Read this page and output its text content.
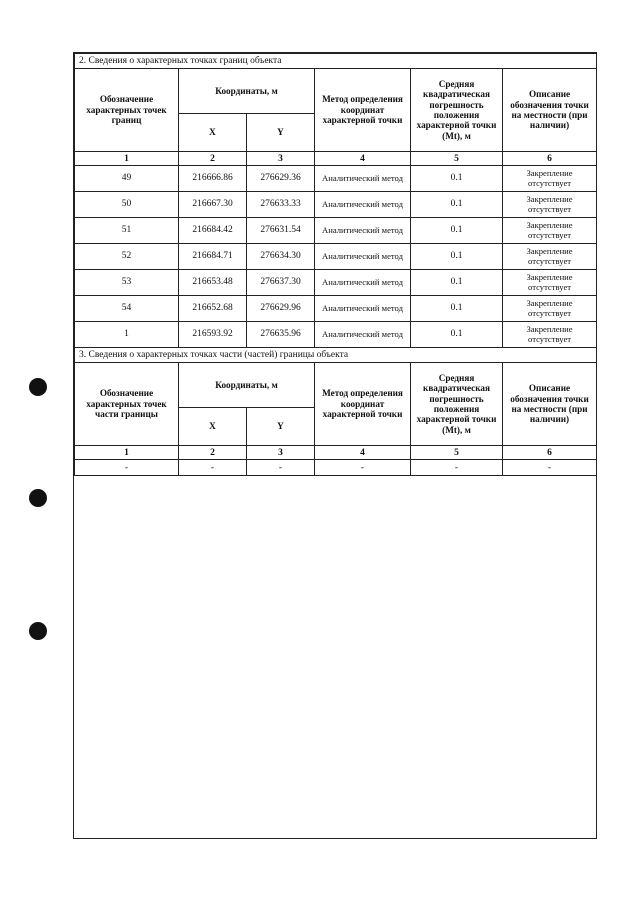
2. Сведения о характерных точках границ объекта					
Обозначение характерных точек границ	Координаты, м		Метод определения координат характерной точки	Средняя квадратическая погрешность положения характерной точки (Mt), м	Описание обозначения точки на местности (при наличии)
	X	Y			
1	2	3	4	5	6
49	216666.86	276629.36	Аналитический метод	0.1	Закрепление отсутствует
50	216667.30	276633.33	Аналитический метод	0.1	Закрепление отсутствует
51	216684.42	276631.54	Аналитический метод	0.1	Закрепление отсутствует
52	216684.71	276634.30	Аналитический метод	0.1	Закрепление отсутствует
53	216653.48	276637.30	Аналитический метод	0.1	Закрепление отсутствует
54	216652.68	276629.96	Аналитический метод	0.1	Закрепление отсутствует
1	216593.92	276635.96	Аналитический метод	0.1	Закрепление отсутствует
3. Сведения о характерных точках части (частей) границы объекта					
Обозначение характерных точек части границы	Координаты, м		Метод определения координат характерной точки	Средняя квадратическая погрешность положения характерной точки (Mt), м	Описание обозначения точки на местности (при наличии)
	X	Y			
1	2	3	4	5	6
-	-	-	-	-	-
